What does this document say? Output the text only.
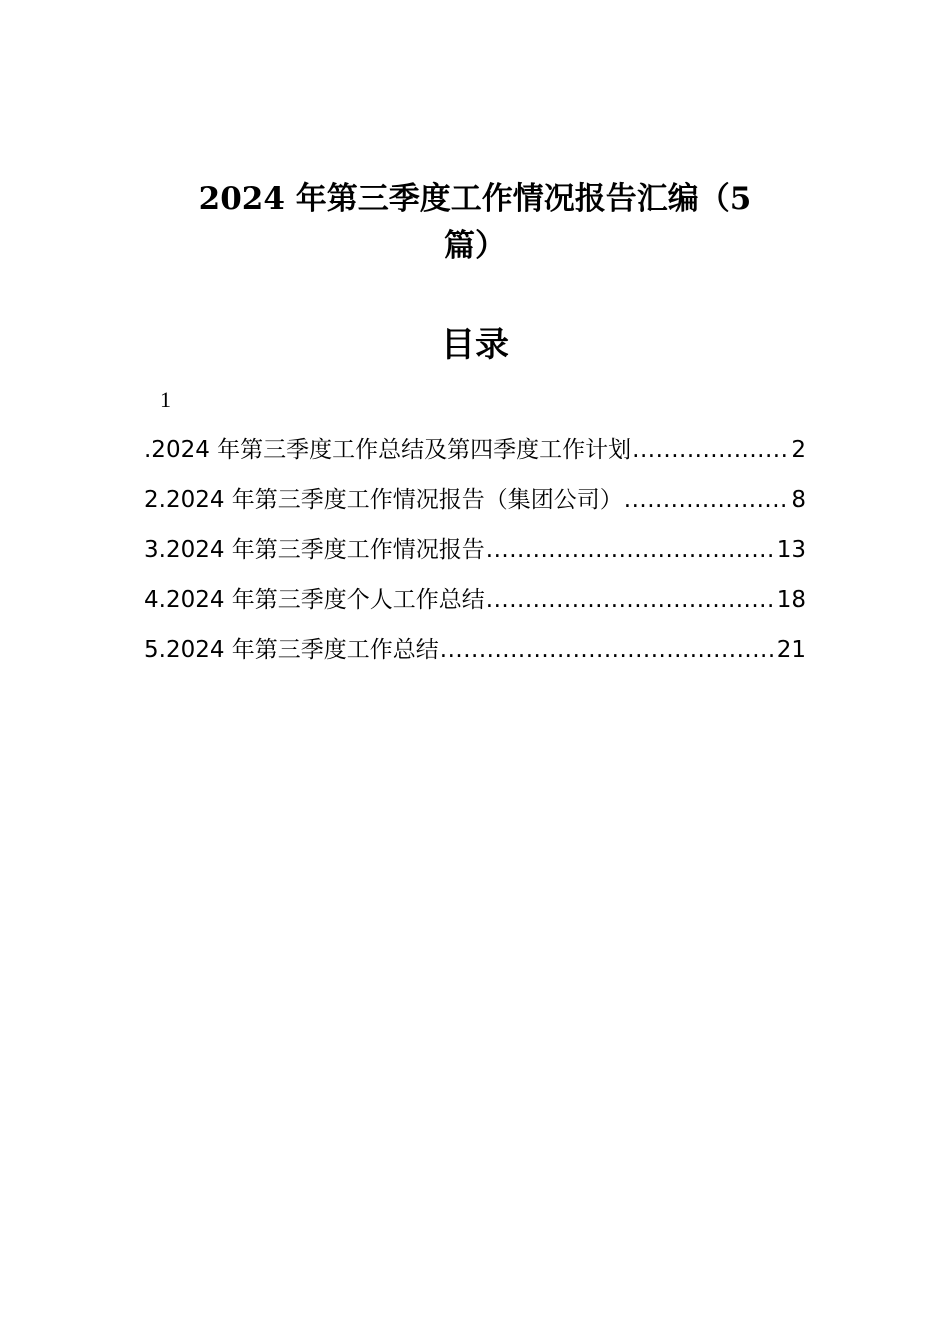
2024 年第三季度工作情况报告汇编（5
篇）
目录
1
.2024 年第三季度工作总结及第四季度工作计划 .....	2
2.2024 年第三季度工作情况报告（集团公司） .....	8
3.2024 年第三季度工作情况报告 .....	13
4.2024 年第三季度个人工作总结 .....	18
5.2024 年第三季度工作总结 .....	21
